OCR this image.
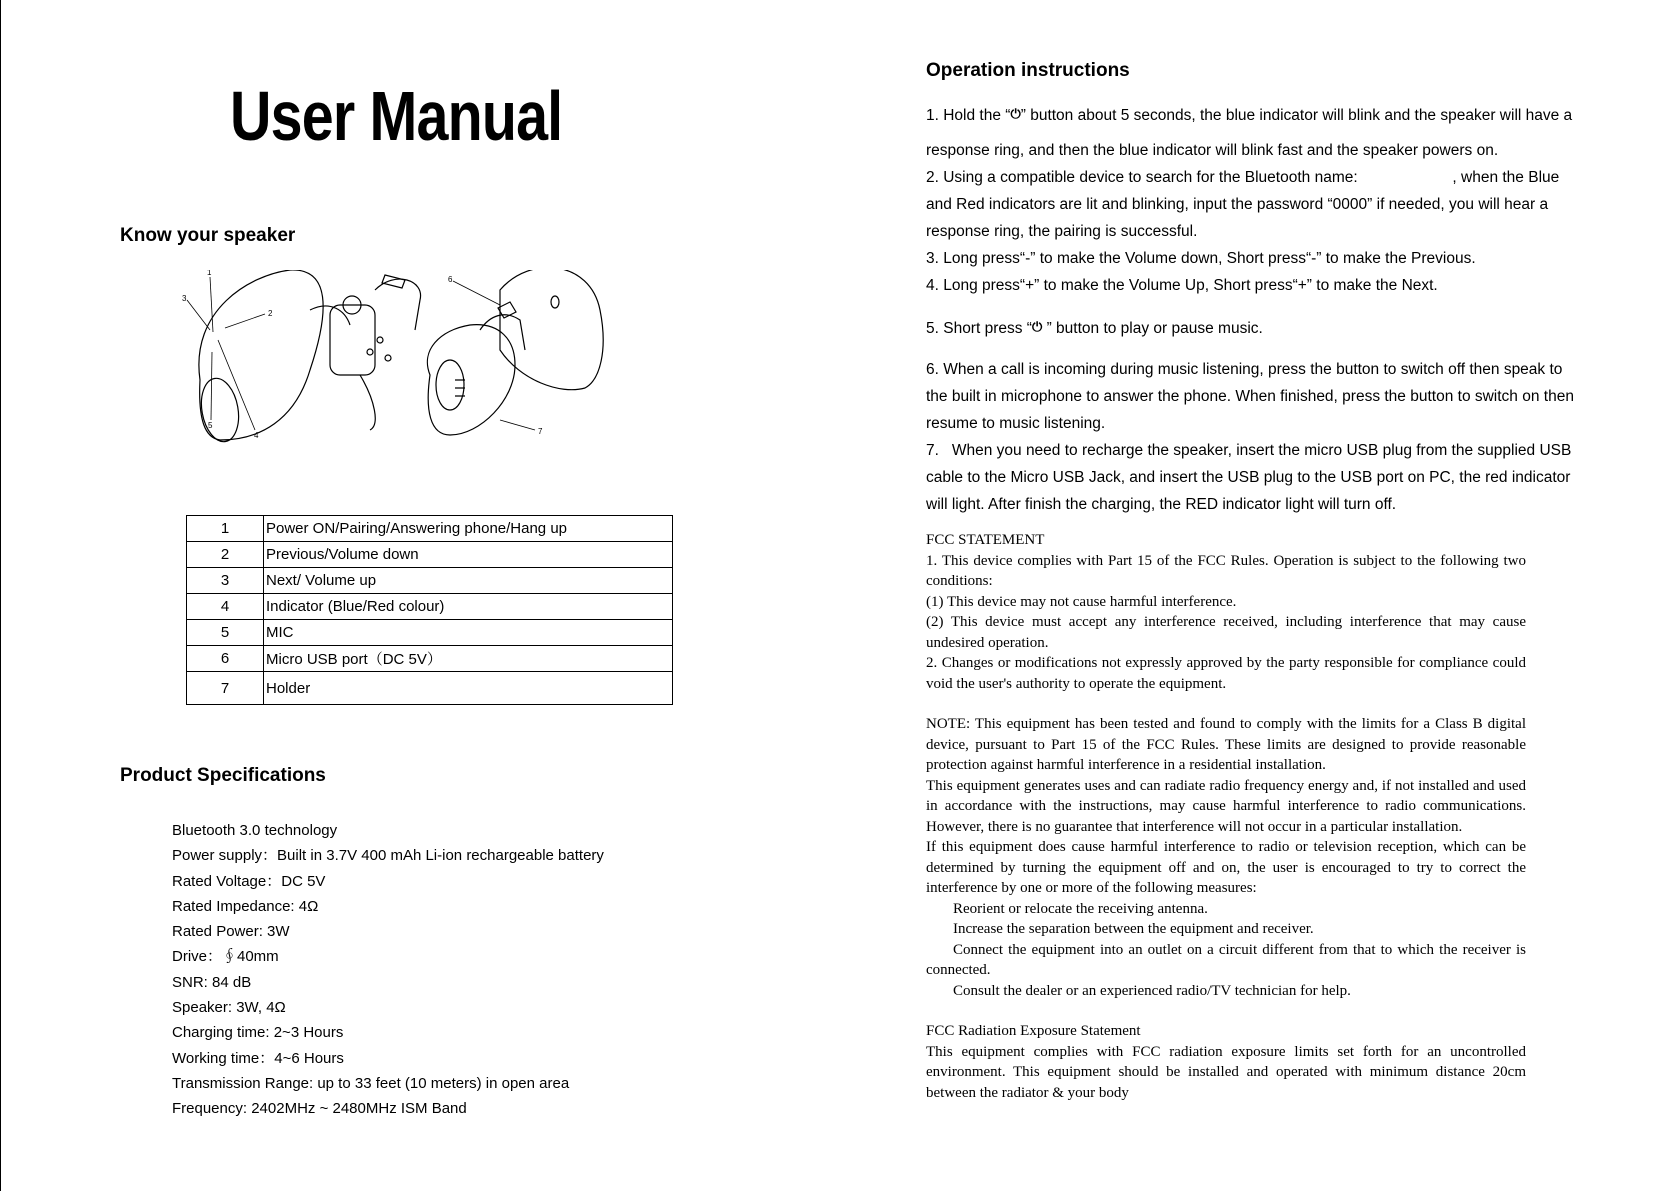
User Manual
Know your speaker
1
2
3
4
5
6
7
1	Power ON/Pairing/Answering phone/Hang up
2	Previous/Volume down
3	Next/ Volume up
4	Indicator (Blue/Red colour)
5	MIC
6	Micro USB port（DC 5V）
7	Holder
Product Specifications
Bluetooth 3.0 technology
Power supply：Built in 3.7V 400 mAh Li-ion rechargeable battery
Rated Voltage：DC 5V
Rated Impedance: 4Ω
Rated Power: 3W
Drive：∮40mm
SNR: 84 dB
Speaker: 3W, 4Ω
Charging time: 2~3 Hours
Working time：4~6 Hours
Transmission Range: up to 33 feet (10 meters) in open area
Frequency: 2402MHz ~ 2480MHz ISM Band
Operation instructions

1. Hold the “⏻” button about 5 seconds, the blue indicator will blink and the speaker will have a

response ring, and then the blue indicator will blink fast and the speaker powers on.

2. Using a compatible device to search for the Bluetooth name:                      , when the Blue

and Red indicators are lit and blinking, input the password “0000” if needed, you will hear a

response ring, the pairing is successful.

3. Long press“-” to make the Volume down, Short press“-” to make the Previous.

4. Long press“+” to make the Volume Up, Short press“+” to make the Next.

5. Short press “⏻ ” button to play or pause music.

6. When a call is incoming during music listening, press the button to switch off then speak to

the built in microphone to answer the phone. When finished, press the button to switch on then

resume to music listening.

7.   When you need to recharge the speaker, insert the micro USB plug from the supplied USB

cable to the Micro USB Jack, and insert the USB plug to the USB port on PC, the red indicator

will light. After finish the charging, the RED indicator light will turn off.

FCC STATEMENT

1. This device complies with Part 15 of the FCC Rules. Operation is subject to the following two conditions:

(1) This device may not cause harmful interference.

(2) This device must accept any interference received, including interference that may cause undesired operation.

2. Changes or modifications not expressly approved by the party responsible for compliance could void the user's authority to operate the equipment.

NOTE: This equipment has been tested and found to comply with the limits for a Class B digital device, pursuant to Part 15 of the FCC Rules. These limits are designed to provide reasonable protection against harmful interference in a residential installation.

This equipment generates uses and can radiate radio frequency energy and, if not installed and used in accordance with the instructions, may cause harmful interference to radio communications. However, there is no guarantee that interference will not occur in a particular installation.

If this equipment does cause harmful interference to radio or television reception, which can be determined by turning the equipment off and on, the user is encouraged to try to correct the interference by one or more of the following measures:

Reorient or relocate the receiving antenna.

Increase the separation between the equipment and receiver.

Connect the equipment into an outlet on a circuit different from that to which the receiver is connected.

Consult the dealer or an experienced radio/TV technician for help.

FCC Radiation Exposure Statement

This equipment complies with FCC radiation exposure limits set forth for an uncontrolled environment. This equipment should be installed and operated with minimum distance 20cm between the radiator & your body
